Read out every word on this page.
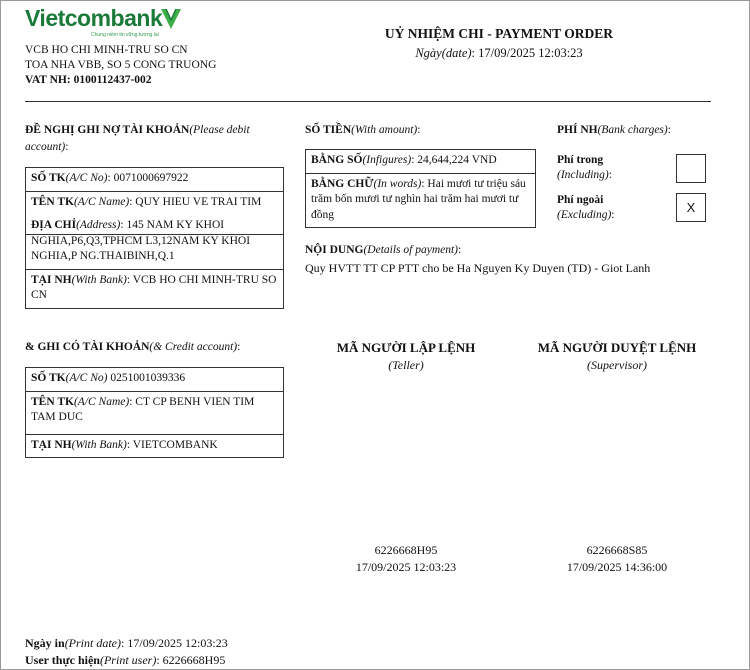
Vietcombank
Chung niềm tin vững tương lai
VCB HO CHI MINH-TRU SO CN
TOA NHA VBB, SO 5 CONG TRUONG
VAT NH: 0100112437-002
UỶ NHIỆM CHI - PAYMENT ORDER
Ngày(date): 17/09/2025 12:03:23
ĐỀ NGHỊ GHI NỢ TÀI KHOẢN(Please debit account):
SỐ TK(A/C No): 0071000697922
TÊN TK(A/C Name): QUY HIEU VE TRAI TIM
ĐỊA CHỈ(Address): 145 NAM KY KHOI NGHIA,P6,Q3,TPHCM L3,12NAM KY KHOI NGHIA,P NG.THAIBINH,Q.1
TẠI NH(With Bank): VCB HO CHI MINH-TRU SO CN
SỐ TIỀN(With amount):
BẰNG SỐ(Infigures): 24,644,224 VND
BẰNG CHỮ(In words): Hai mươi tư triệu sáu trăm bốn mươi tư nghìn hai trăm hai mươi tư đồng
PHÍ NH(Bank charges):
Phí trong
(Including):
Phí ngoài
(Excluding):	X
NỘI DUNG(Details of payment):
Quy HVTT TT CP PTT cho be Ha Nguyen Ky Duyen (TD) - Giot Lanh
& GHI CÓ TÀI KHOẢN(& Credit account):
SỐ TK(A/C No) 0251001039336
TÊN TK(A/C Name): CT CP BENH VIEN TIM TAM DUC
TẠI NH(With Bank): VIETCOMBANK
MÃ NGƯỜI LẬP LỆNH
(Teller)
6226668H95
17/09/2025 12:03:23
MÃ NGƯỜI DUYỆT LỆNH
(Supervisor)
6226668S85
17/09/2025 14:36:00
Ngày in(Print date): 17/09/2025 12:03:23
User thực hiện(Print user): 6226668H95
